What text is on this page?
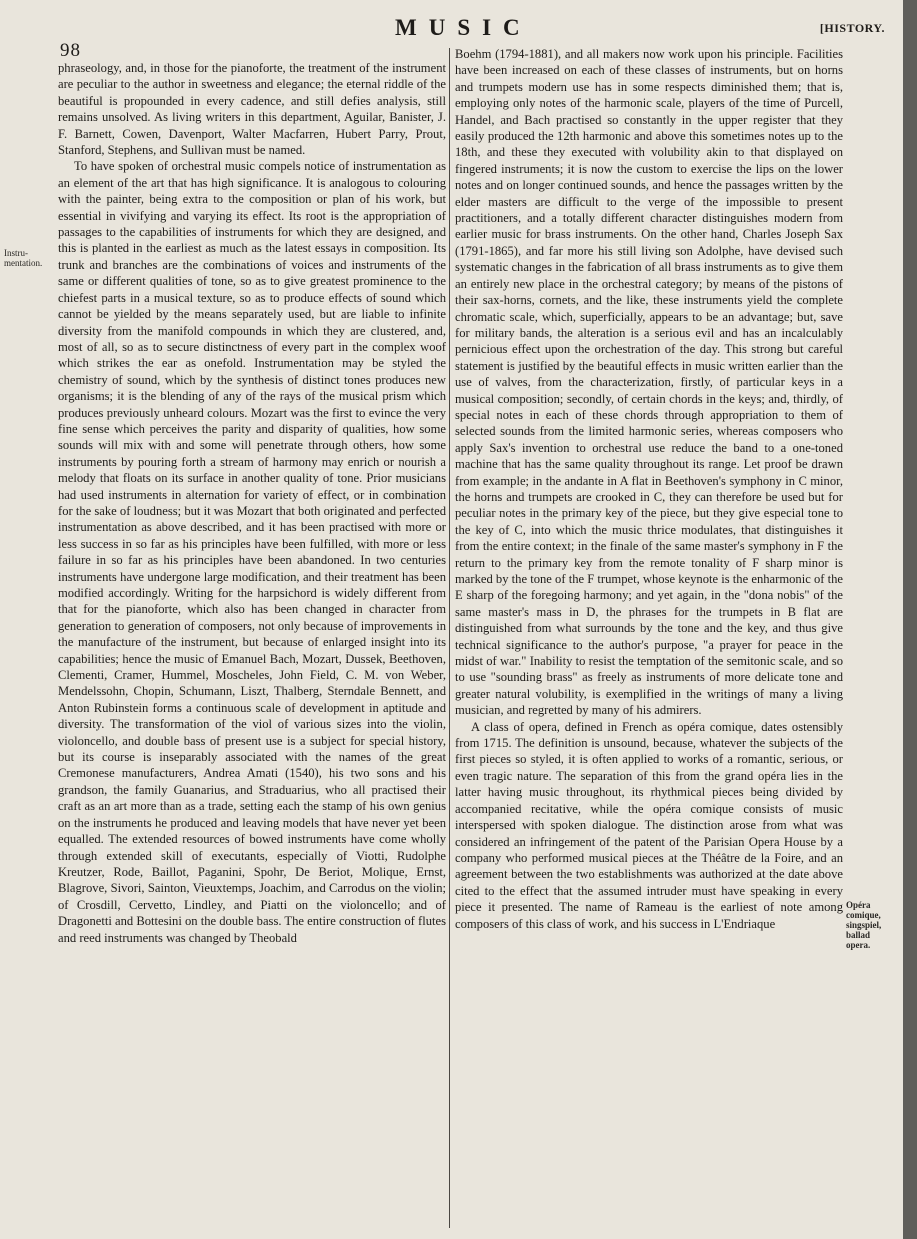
98
MUSIC	[HISTORY.
Instru-mentation.
Opéra comique, singspiel, ballad opera.

phraseology, and, in those for the pianoforte, the treatment of the instrument are peculiar to the author in sweetness and elegance; the eternal riddle of the beautiful is propounded in every cadence, and still defies analysis, still remains unsolved. As living writers in this department, Aguilar, Banister, J. F. Barnett, Cowen, Davenport, Walter Macfarren, Hubert Parry, Prout, Stanford, Stephens, and Sullivan must be named.

To have spoken of orchestral music compels notice of instrumentation as an element of the art that has high significance. It is analogous to colouring with the painter, being extra to the composition or plan of his work, but essential in vivifying and varying its effect. Its root is the appropriation of passages to the capabilities of instruments for which they are designed, and this is planted in the earliest as much as the latest essays in composition. Its trunk and branches are the combinations of voices and instruments of the same or different qualities of tone, so as to give greatest prominence to the chiefest parts in a musical texture, so as to produce effects of sound which cannot be yielded by the means separately used, but are liable to infinite diversity from the manifold compounds in which they are clustered, and, most of all, so as to secure distinctness of every part in the complex woof which strikes the ear as onefold. Instrumentation may be styled the chemistry of sound, which by the synthesis of distinct tones produces new organisms; it is the blending of any of the rays of the musical prism which produces previously unheard colours. Mozart was the first to evince the very fine sense which perceives the parity and disparity of qualities, how some sounds will mix with and some will penetrate through others, how some instruments by pouring forth a stream of harmony may enrich or nourish a melody that floats on its surface in another quality of tone. Prior musicians had used instruments in alternation for variety of effect, or in combination for the sake of loudness; but it was Mozart that both originated and perfected instrumentation as above described, and it has been practised with more or less success in so far as his principles have been fulfilled, with more or less failure in so far as his principles have been abandoned. In two centuries instruments have undergone large modification, and their treatment has been modified accordingly. Writing for the harpsichord is widely different from that for the pianoforte, which also has been changed in character from generation to generation of composers, not only because of improvements in the manufacture of the instrument, but because of enlarged insight into its capabilities; hence the music of Emanuel Bach, Mozart, Dussek, Beethoven, Clementi, Cramer, Hummel, Moscheles, John Field, C. M. von Weber, Mendelssohn, Chopin, Schumann, Liszt, Thalberg, Sterndale Bennett, and Anton Rubinstein forms a continuous scale of development in aptitude and diversity. The transformation of the viol of various sizes into the violin, violoncello, and double bass of present use is a subject for special history, but its course is inseparably associated with the names of the great Cremonese manufacturers, Andrea Amati (1540), his two sons and his grandson, the family Guanarius, and Straduarius, who all practised their craft as an art more than as a trade, setting each the stamp of his own genius on the instruments he produced and leaving models that have never yet been equalled. The extended resources of bowed instruments have come wholly through extended skill of executants, especially of Viotti, Rudolphe Kreutzer, Rode, Baillot, Paganini, Spohr, De Beriot, Molique, Ernst, Blagrove, Sivori, Sainton, Vieuxtemps, Joachim, and Carrodus on the violin; of Crosdill, Cervetto, Lindley, and Piatti on the violoncello; and of Dragonetti and Bottesini on the double bass. The entire construction of flutes and reed instruments was changed by Theobald

Boehm (1794-1881), and all makers now work upon his principle. Facilities have been increased on each of these classes of instruments, but on horns and trumpets modern use has in some respects diminished them; that is, employing only notes of the harmonic scale, players of the time of Purcell, Handel, and Bach practised so constantly in the upper register that they easily produced the 12th harmonic and above this sometimes notes up to the 18th, and these they executed with volubility akin to that displayed on fingered instruments; it is now the custom to exercise the lips on the lower notes and on longer continued sounds, and hence the passages written by the elder masters are difficult to the verge of the impossible to present practitioners, and a totally different character distinguishes modern from earlier music for brass instruments. On the other hand, Charles Joseph Sax (1791-1865), and far more his still living son Adolphe, have devised such systematic changes in the fabrication of all brass instruments as to give them an entirely new place in the orchestral category; by means of the pistons of their sax-horns, cornets, and the like, these instruments yield the complete chromatic scale, which, superficially, appears to be an advantage; but, save for military bands, the alteration is a serious evil and has an incalculably pernicious effect upon the orchestration of the day. This strong but careful statement is justified by the beautiful effects in music written earlier than the use of valves, from the characterization, firstly, of particular keys in a musical composition; secondly, of certain chords in the keys; and, thirdly, of special notes in each of these chords through appropriation to them of selected sounds from the limited harmonic series, whereas composers who apply Sax's invention to orchestral use reduce the band to a one-toned machine that has the same quality throughout its range. Let proof be drawn from example; in the andante in A flat in Beethoven's symphony in C minor, the horns and trumpets are crooked in C, they can therefore be used but for peculiar notes in the primary key of the piece, but they give especial tone to the key of C, into which the music thrice modulates, that distinguishes it from the entire context; in the finale of the same master's symphony in F the return to the primary key from the remote tonality of F sharp minor is marked by the tone of the F trumpet, whose keynote is the enharmonic of the E sharp of the foregoing harmony; and yet again, in the "dona nobis" of the same master's mass in D, the phrases for the trumpets in B flat are distinguished from what surrounds by the tone and the key, and thus give technical significance to the author's purpose, "a prayer for peace in the midst of war." Inability to resist the temptation of the semitonic scale, and so to use "sounding brass" as freely as instruments of more delicate tone and greater natural volubility, is exemplified in the writings of many a living musician, and regretted by many of his admirers.

A class of opera, defined in French as opéra comique, dates ostensibly from 1715. The definition is unsound, because, whatever the subjects of the first pieces so styled, it is often applied to works of a romantic, serious, or even tragic nature. The separation of this from the grand opéra lies in the latter having music throughout, its rhythmical pieces being divided by accompanied recitative, while the opéra comique consists of music interspersed with spoken dialogue. The distinction arose from what was considered an infringement of the patent of the Parisian Opera House by a company who performed musical pieces at the Théâtre de la Foire, and an agreement between the two establishments was authorized at the date above cited to the effect that the assumed intruder must have speaking in every piece it presented. The name of Rameau is the earliest of note among composers of this class of work, and his success in L'Endriaque
